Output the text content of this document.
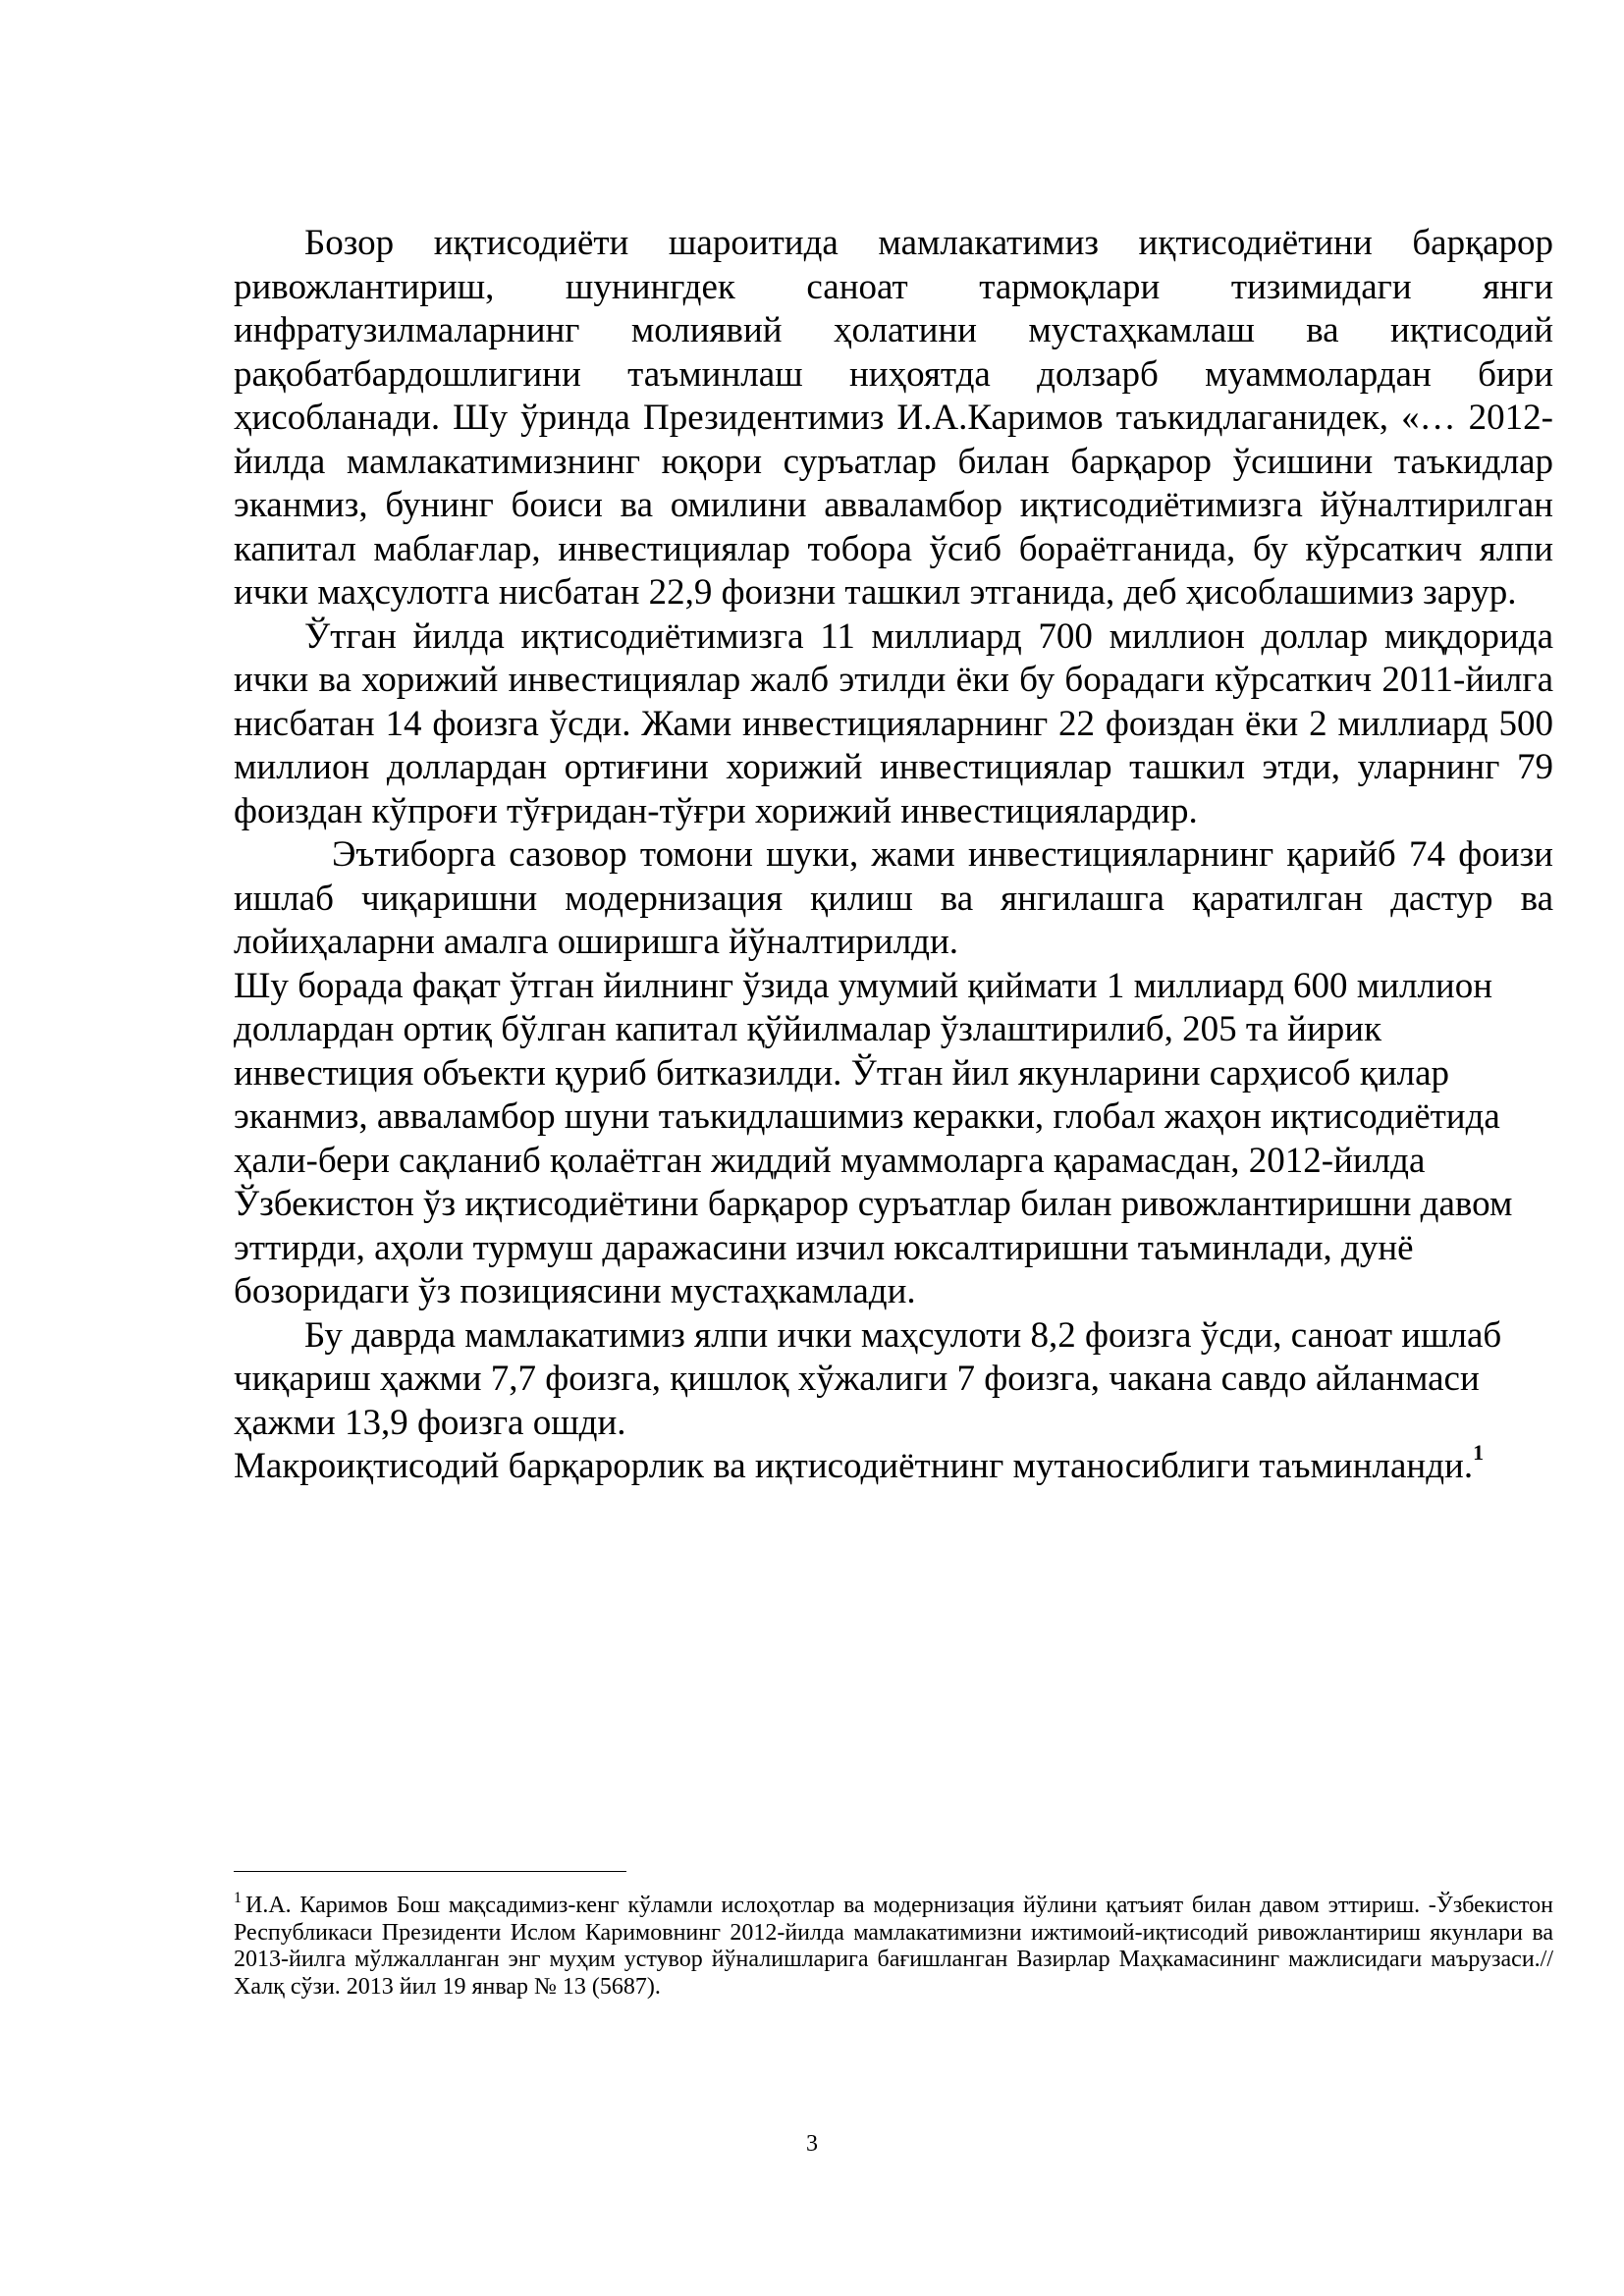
Бозор иқтисодиёти шароитида мамлакатимиз иқтисодиётини барқарор ривожлантириш, шунингдек саноат тармоқлари тизимидаги янги инфратузилмаларнинг молиявий ҳолатини мустаҳкамлаш ва иқтисодий рақобатбардошлигини таъминлаш ниҳоятда долзарб муаммолардан бири ҳисобланади. Шу ўринда Президентимиз И.А.Каримов таъкидлаганидек, «… 2012-йилда мамлакатимизнинг юқори суръатлар билан барқарор ўсишини таъкидлар эканмиз, бунинг боиси ва омилини авваламбор иқтисодиётимизга йўналтирилган капитал маблағлар, инвестициялар тобора ўсиб бораётганида, бу кўрсаткич ялпи ички маҳсулотга нисбатан 22,9 фоизни ташкил этганида, деб ҳисоблашимиз зарур.

Ўтган йилда иқтисодиётимизга 11 миллиард 700 миллион доллар миқдорида ички ва хорижий инвестициялар жалб этилди ёки бу борадаги кўрсаткич 2011-йилга нисбатан 14 фоизга ўсди. Жами инвестицияларнинг 22 фоиздан ёки 2 миллиард 500 миллион доллардан ортиғини хорижий инвестициялар ташкил этди, уларнинг 79 фоиздан кўпроғи тўғридан-тўғри хорижий инвестициялардир.

Эътиборга сазовор томони шуки, жами инвестицияларнинг қарийб 74 фоизи ишлаб чиқаришни модернизация қилиш ва янгилашга қаратилган дастур ва лойиҳаларни амалга оширишга йўналтирилди.

Шу борада фақат ўтган йилнинг ўзида умумий қиймати 1 миллиард 600 миллион доллардан ортиқ бўлган капитал қўйилмалар ўзлаштирилиб, 205 та йирик инвестиция объекти қуриб битказилди. Ўтган йил якунларини сарҳисоб қилар эканмиз, авваламбор шуни таъкидлашимиз керакки, глобал жаҳон иқтисодиётида ҳали-бери сақланиб қолаётган жиддий муаммоларга қарамасдан, 2012-йилда Ўзбекистон ўз иқтисодиётини барқарор суръатлар билан ривожлантиришни давом эттирди, аҳоли турмуш даражасини изчил юксалтиришни таъминлади, дунё бозоридаги ўз позициясини мустаҳкамлади.

Бу даврда мамлакатимиз ялпи ички маҳсулоти 8,2 фоизга ўсди, саноат ишлаб чиқариш ҳажми 7,7 фоизга, қишлоқ хўжалиги 7 фоизга, чакана савдо айланмаси ҳажми 13,9 фоизга ошди.

Макроиқтисодий барқарорлик ва иқтисодиётнинг мутаносиблиги таъминланди.$^1$

$^1$ И.А. Каримов Бош мақсадимиз-кенг кўламли ислоҳотлар ва модернизация йўлини қатъият билан давом эттириш. -Ўзбекистон Республикаси Президенти Ислом Каримовнинг 2012-йилда мамлакатимизни ижтимоий-иқтисодий ривожлантириш якунлари ва 2013-йилга мўлжалланган энг муҳим устувор йўналишларига бағишланган Вазирлар Маҳкамасининг мажлисидаги маърузаси.//Халқ сўзи. 2013 йил 19 январ № 13 (5687).
3
